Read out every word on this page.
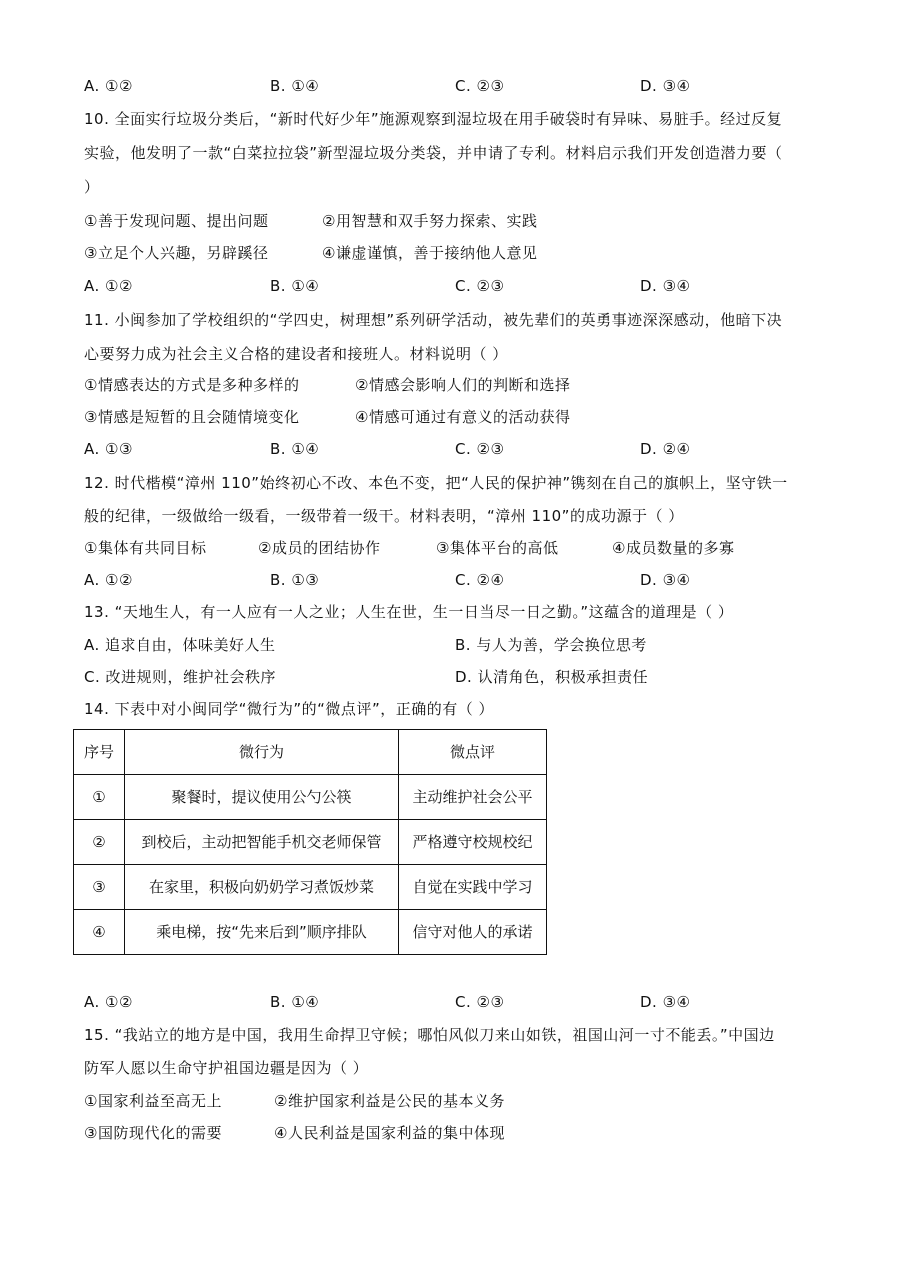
A. ①②	B. ①④	C. ②③	D. ③④
10. 全面实行垃圾分类后，“新时代好少年”施源观察到湿垃圾在用手破袋时有异味、易脏手。经过反复
实验，他发明了一款“白菜拉拉袋”新型湿垃圾分类袋，并申请了专利。材料启示我们开发创造潜力要（
）
①善于发现问题、提出问题	②用智慧和双手努力探索、实践
③立足个人兴趣，另辟蹊径	④谦虚谨慎，善于接纳他人意见
A. ①②	B. ①④	C. ②③	D. ③④
11. 小闽参加了学校组织的“学四史，树理想”系列研学活动，被先辈们的英勇事迹深深感动，他暗下决
心要努力成为社会主义合格的建设者和接班人。材料说明（ ）
①情感表达的方式是多种多样的	②情感会影响人们的判断和选择
③情感是短暂的且会随情境变化	④情感可通过有意义的活动获得
A. ①③	B. ①④	C. ②③	D. ②④
12. 时代楷模“漳州 110”始终初心不改、本色不变，把“人民的保护神”镌刻在自己的旗帜上，坚守铁一
般的纪律，一级做给一级看，一级带着一级干。材料表明，“漳州 110”的成功源于（ ）
①集体有共同目标	②成员的团结协作	③集体平台的高低	④成员数量的多寡
A. ①②	B. ①③	C. ②④	D. ③④
13. “天地生人，有一人应有一人之业；人生在世，生一日当尽一日之勤。”这蕴含的道理是（ ）
A. 追求自由，体味美好人生	B. 与人为善，学会换位思考
C. 改进规则，维护社会秩序	D. 认清角色，积极承担责任
14. 下表中对小闽同学“微行为”的“微点评”，正确的有（ ）
序号	微行为	微点评
①	聚餐时，提议使用公勺公筷	主动维护社会公平
②	到校后，主动把智能手机交老师保管	严格遵守校规校纪
③	在家里，积极向奶奶学习煮饭炒菜	自觉在实践中学习
④	乘电梯，按“先来后到”顺序排队	信守对他人的承诺
A. ①②	B. ①④	C. ②③	D. ③④
15. “我站立的地方是中国，我用生命捍卫守候；哪怕风似刀来山如铁，祖国山河一寸不能丢。”中国边
防军人愿以生命守护祖国边疆是因为（ ）
①国家利益至高无上	②维护国家利益是公民的基本义务
③国防现代化的需要	④人民利益是国家利益的集中体现
